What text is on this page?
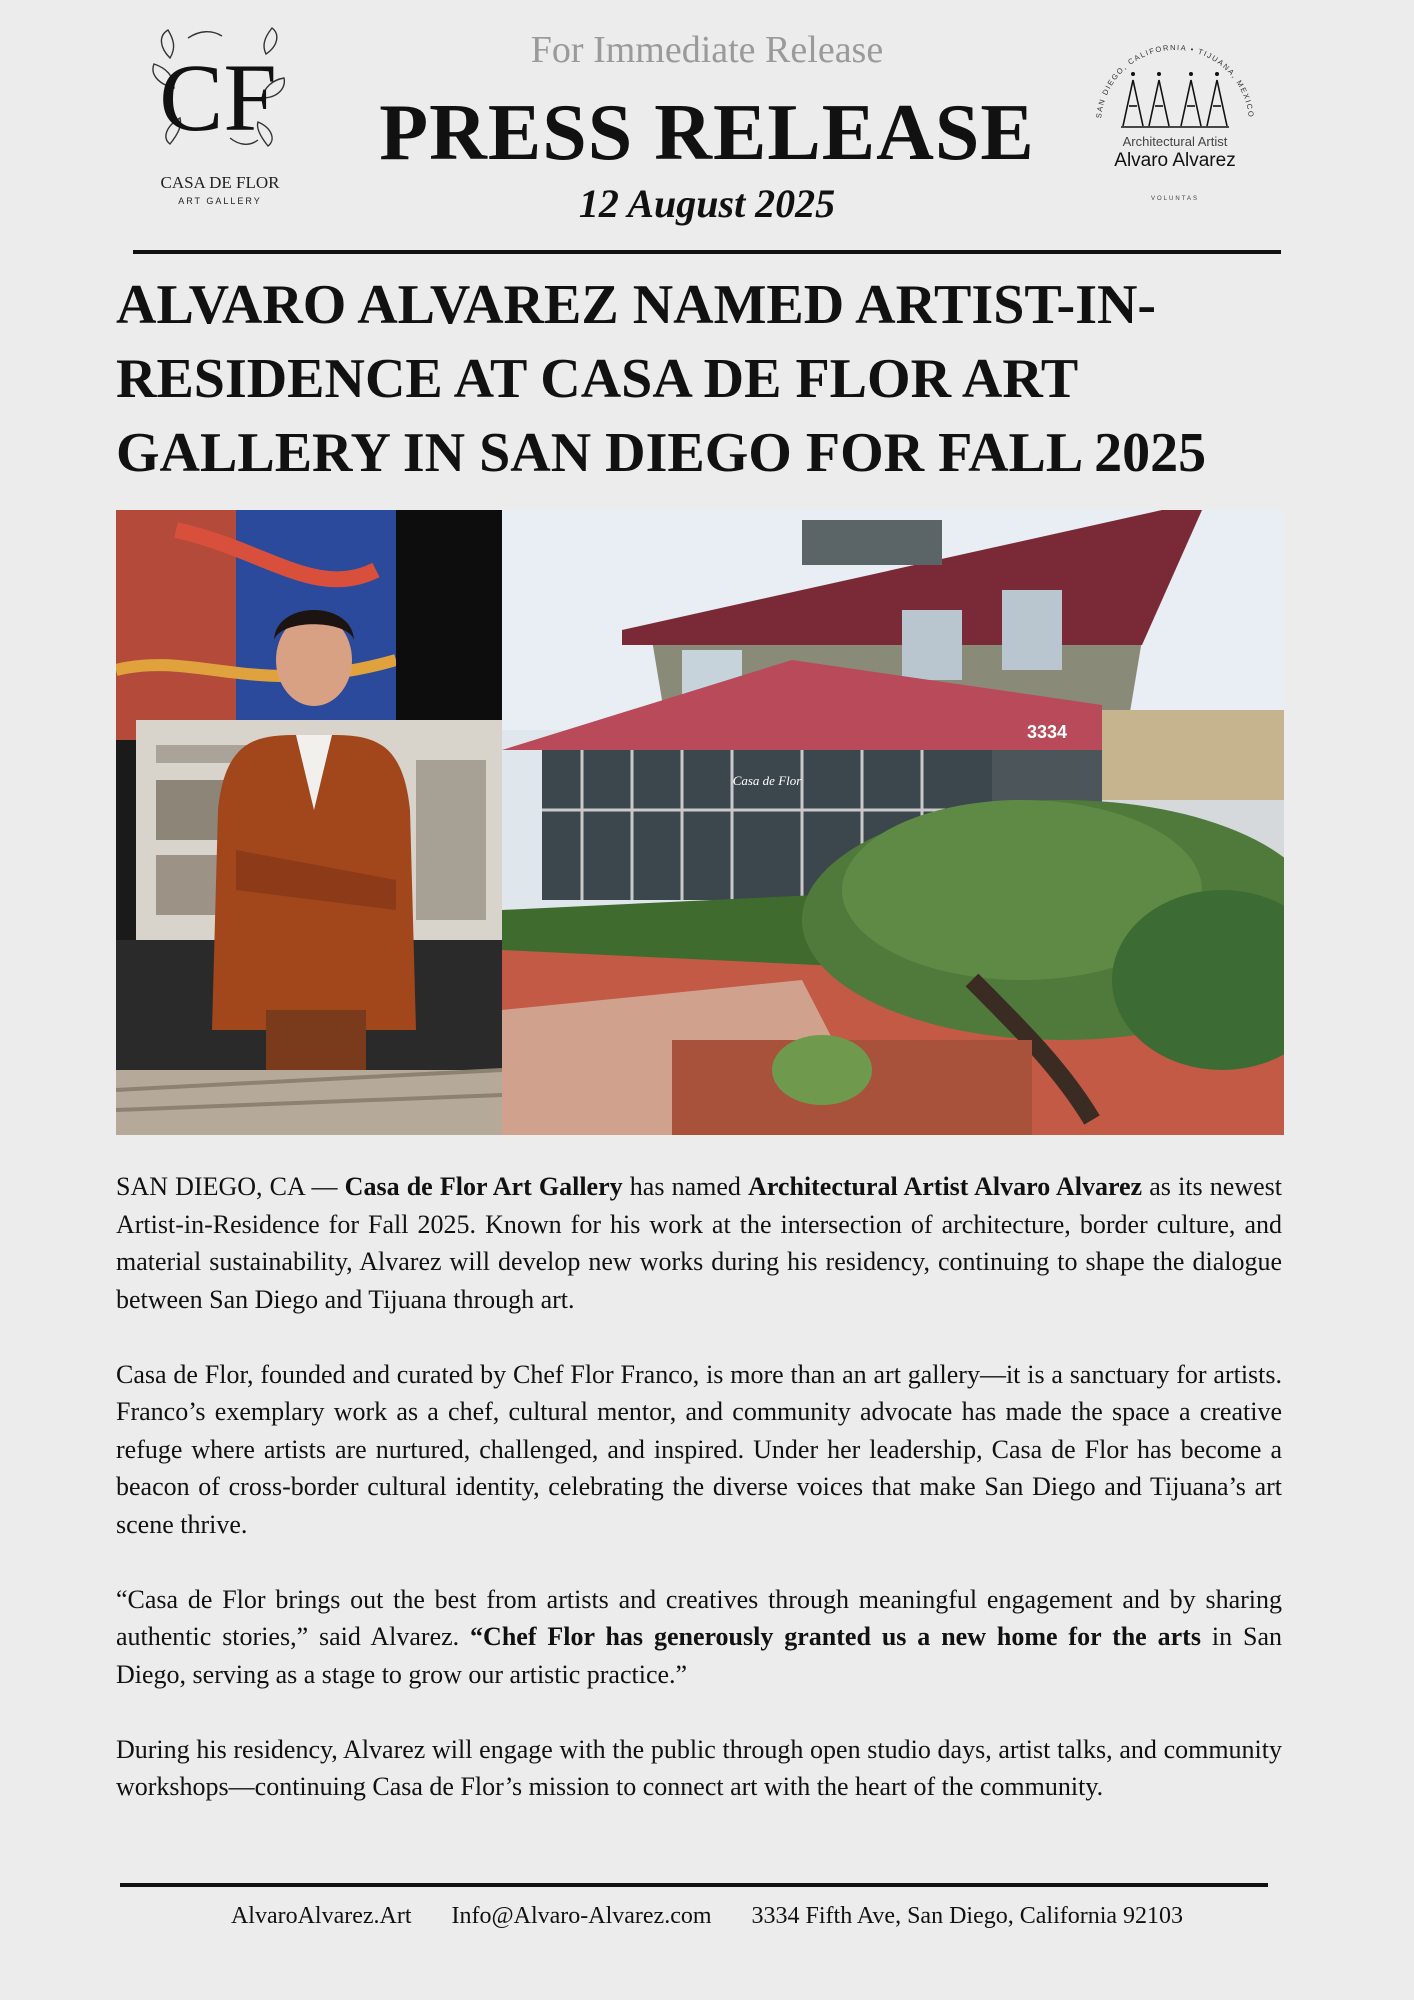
CF
CASA DE FLOR
ART GALLERY
SAN DIEGO, CALIFORNIA • TIJUANA, MEXICO
Architectural Artist
Alvaro Alvarez
VOLUNTAS
For Immediate Release
PRESS RELEASE
12 August 2025
ALVARO ALVAREZ NAMED ARTIST-IN-RESIDENCE AT CASA DE FLOR ART GALLERY IN SAN DIEGO FOR FALL 2025
3334
Casa de Flor

SAN DIEGO, CA — Casa de Flor Art Gallery has named Architectural Artist Alvaro Alvarez as its newest Artist-in-Residence for Fall 2025. Known for his work at the intersection of architecture, border culture, and material sustainability, Alvarez will develop new works during his residency, continuing to shape the dialogue between San Diego and Tijuana through art.

Casa de Flor, founded and curated by Chef Flor Franco, is more than an art gallery—it is a sanctuary for artists. Franco’s exemplary work as a chef, cultural mentor, and community advocate has made the space a creative refuge where artists are nurtured, challenged, and inspired. Under her leadership, Casa de Flor has become a beacon of cross-border cultural identity, celebrating the diverse voices that make San Diego and Tijuana’s art scene thrive.

“Casa de Flor brings out the best from artists and creatives through meaningful engagement and by sharing authentic stories,” said Alvarez. “Chef Flor has generously granted us a new home for the arts in San Diego, serving as a stage to grow our artistic practice.”

During his residency, Alvarez will engage with the public through open studio days, artist talks, and community workshops—continuing Casa de Flor’s mission to connect art with the heart of the community.

AlvaroAlvarez.Art Info@Alvaro-Alvarez.com 3334 Fifth Ave, San Diego, California 92103
